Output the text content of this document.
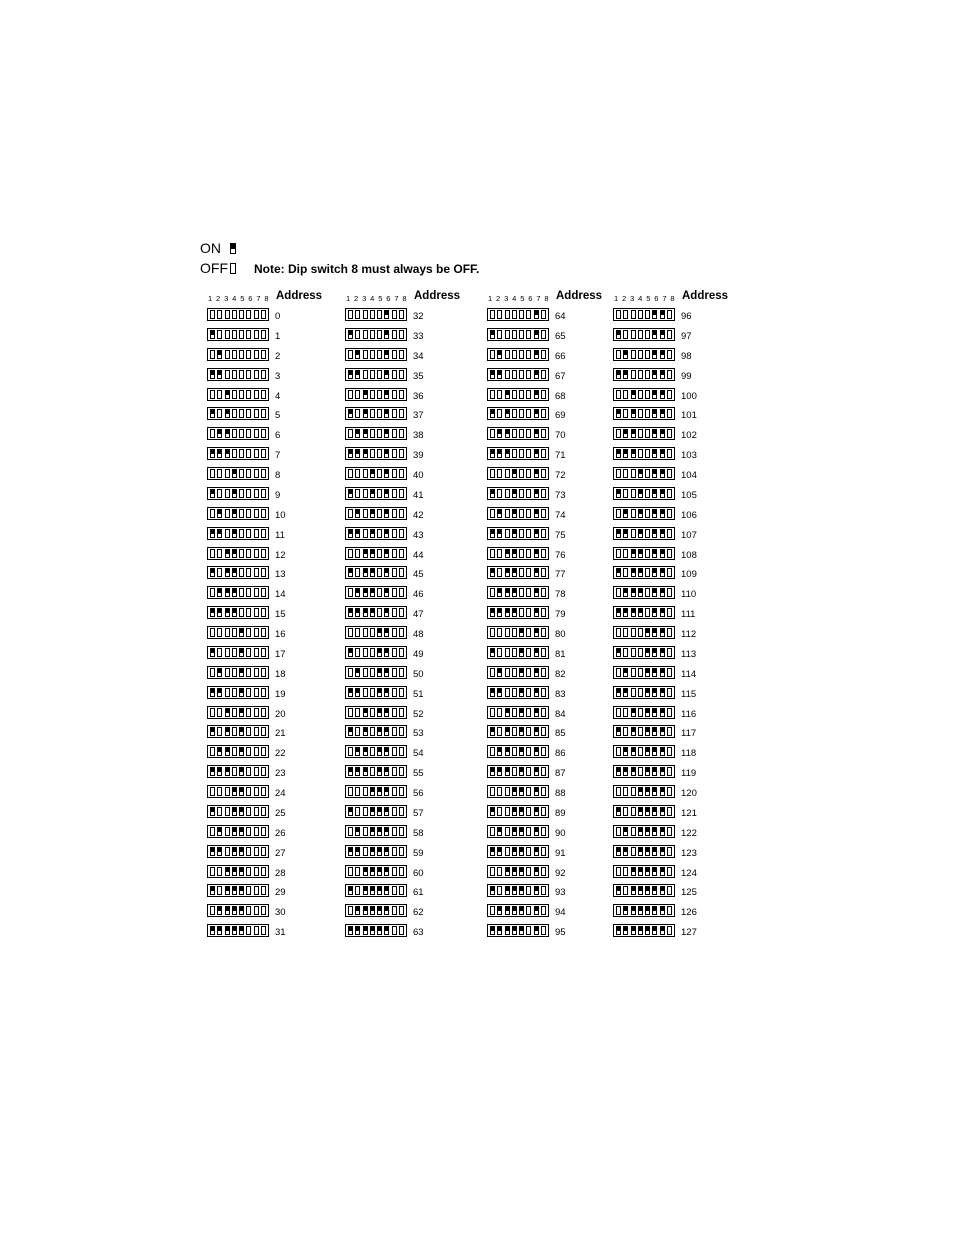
ON
OFF Note: Dip switch 8 must always be OFF.
1 2 3 4 5 6 7 8 Address
0
1
2
3
4
5
6
7
8
9
10
11
12
13
14
15
16
17
18
19
20
21
22
23
24
25
26
27
28
29
30
31
1 2 3 4 5 6 7 8 Address
32
33
34
35
36
37
38
39
40
41
42
43
44
45
46
47
48
49
50
51
52
53
54
55
56
57
58
59
60
61
62
63
1 2 3 4 5 6 7 8 Address
64
65
66
67
68
69
70
71
72
73
74
75
76
77
78
79
80
81
82
83
84
85
86
87
88
89
90
91
92
93
94
95
1 2 3 4 5 6 7 8 Address
96
97
98
99
100
101
102
103
104
105
106
107
108
109
110
111
112
113
114
115
116
117
118
119
120
121
122
123
124
125
126
127
